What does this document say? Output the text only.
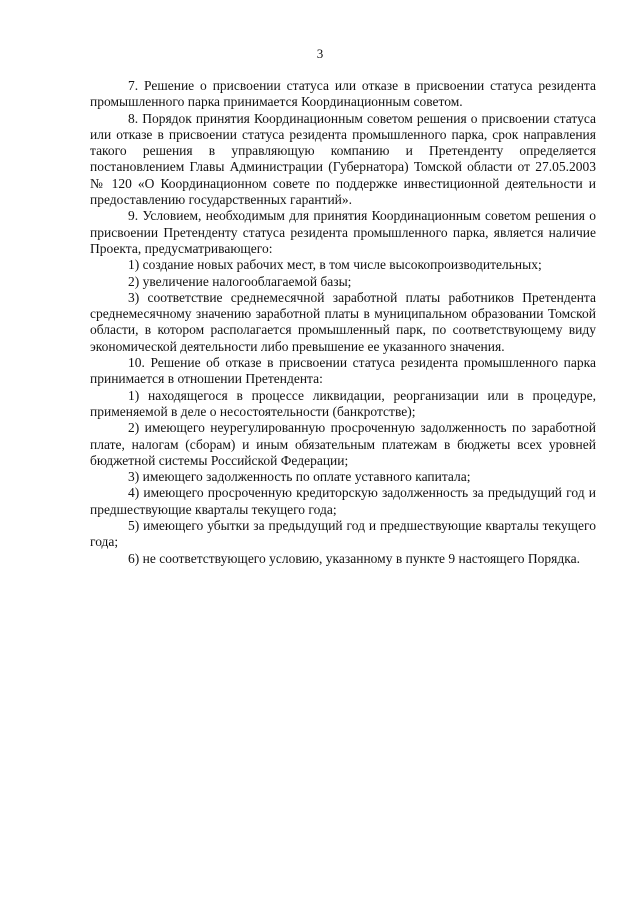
3

7. Решение о присвоении статуса или отказе в присвоении статуса резидента промышленного парка принимается Координационным советом.

8. Порядок принятия Координационным советом решения о присвоении статуса или отказе в присвоении статуса резидента промышленного парка, срок направления такого решения в управляющую компанию и Претенденту определяется постановлением Главы Администрации (Губернатора) Томской области от 27.05.2003 № 120 «О Координационном совете по поддержке инвестиционной деятельности и предоставлению государственных гарантий».

9. Условием, необходимым для принятия Координационным советом решения о присвоении Претенденту статуса резидента промышленного парка, является наличие Проекта, предусматривающего:

1) создание новых рабочих мест, в том числе высокопроизводительных;

2) увеличение налогооблагаемой базы;

3) соответствие среднемесячной заработной платы работников Претендента среднемесячному значению заработной платы в муниципальном образовании Томской области, в котором располагается промышленный парк, по соответствующему виду экономической деятельности либо превышение ее указанного значения.

10. Решение об отказе в присвоении статуса резидента промышленного парка принимается в отношении Претендента:

1) находящегося в процессе ликвидации, реорганизации или в процедуре, применяемой в деле о несостоятельности (банкротстве);

2) имеющего неурегулированную просроченную задолженность по заработной плате, налогам (сборам) и иным обязательным платежам в бюджеты всех уровней бюджетной системы Российской Федерации;

3) имеющего задолженность по оплате уставного капитала;

4) имеющего просроченную кредиторскую задолженность за предыдущий год и предшествующие кварталы текущего года;

5) имеющего убытки за предыдущий год и предшествующие кварталы текущего года;

6) не соответствующего условию, указанному в пункте 9 настоящего Порядка.
